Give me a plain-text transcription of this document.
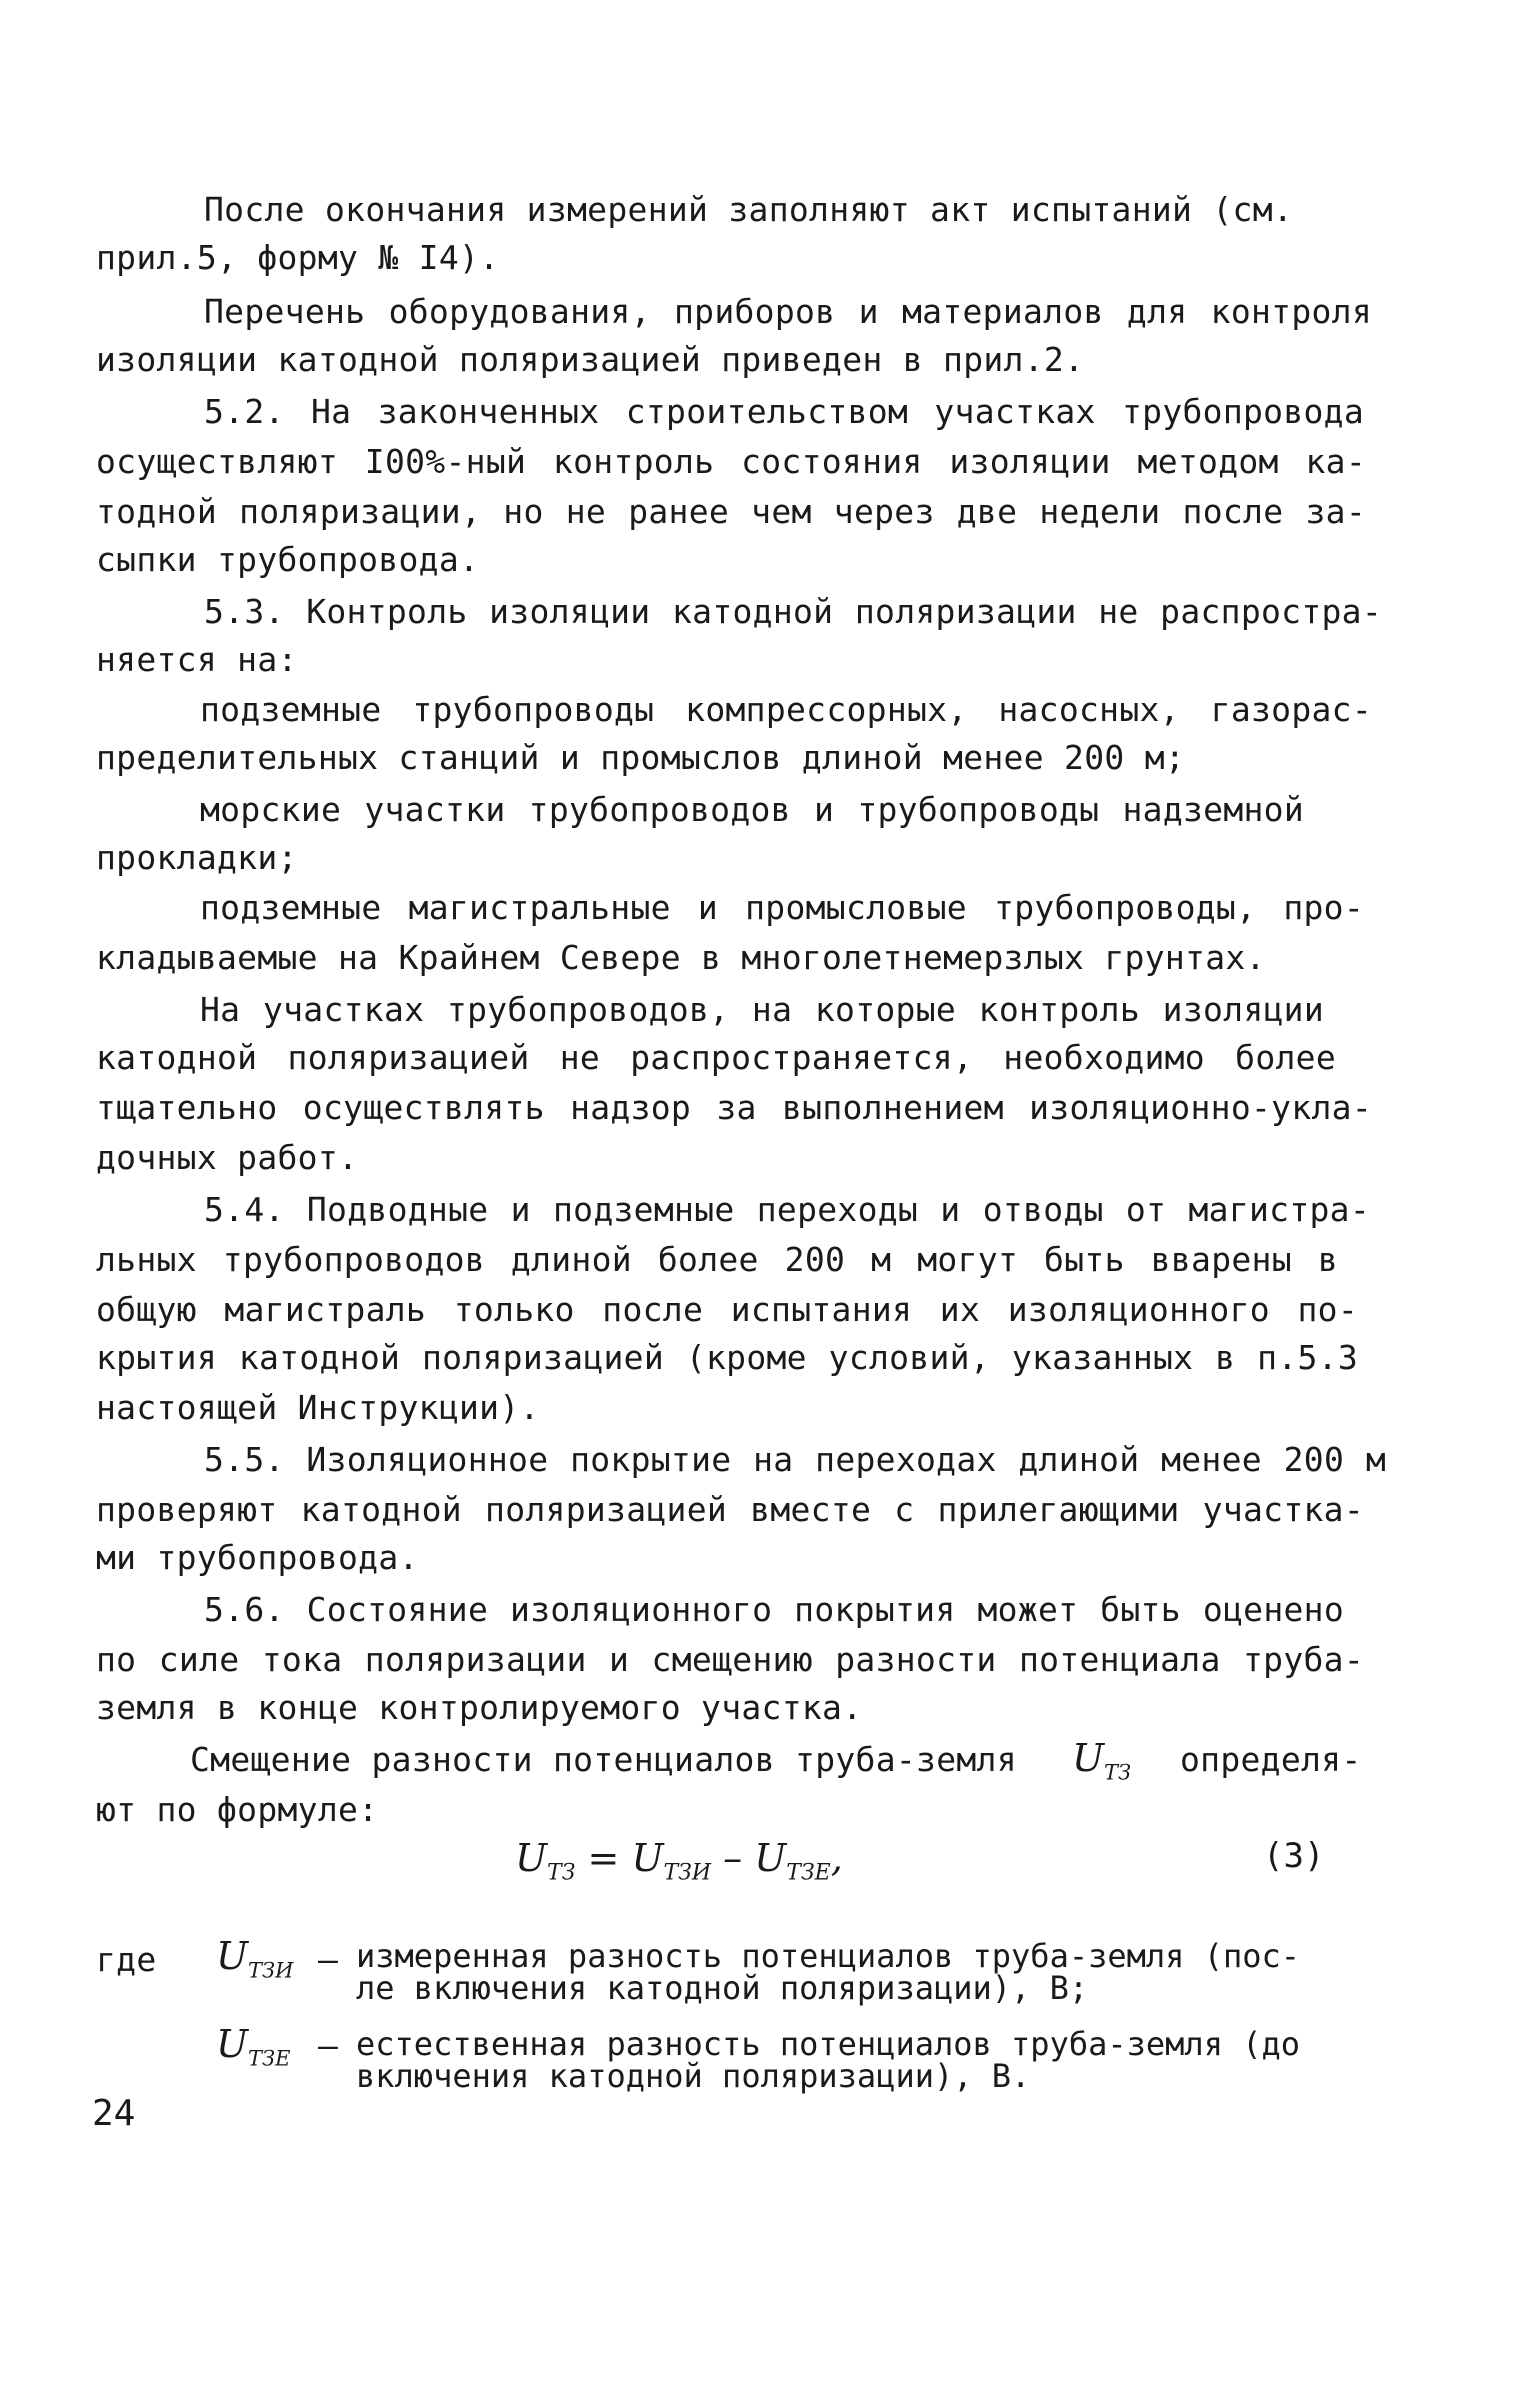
После окончания измерений заполняют акт испытаний (см.
прил.5, форму № I4).
Перечень оборудования, приборов и материалов для контроля
изоляции катодной поляризацией приведен в прил.2.
5.2. На законченных строительством участках трубопровода
осуществляют I00%-ный контроль состояния изоляции методом ка-
тодной поляризации, но не ранее чем через две недели после за-
сыпки трубопровода.
5.3. Контроль изоляции катодной поляризации не распростра-
няется на:
подземные трубопроводы компрессорных, насосных, газорас-
пределительных станций и промыслов длиной менее 200 м;
морские участки трубопроводов и трубопроводы надземной
прокладки;
подземные магистральные и промысловые трубопроводы, про-
кладываемые на Крайнем Севере в многолетнемерзлых грунтах.
На участках трубопроводов, на которые контроль изоляции
катодной поляризацией не распространяется, необходимо более
тщательно осуществлять надзор за выполнением изоляционно-укла-
дочных работ.
5.4. Подводные и подземные переходы и отводы от магистра-
льных трубопроводов длиной более 200 м могут быть вварены в
общую магистраль только после испытания их изоляционного по-
крытия катодной поляризацией (кроме условий, указанных в п.5.3
настоящей Инструкции).
5.5. Изоляционное покрытие на переходах длиной менее 200 м
проверяют катодной поляризацией вместе с прилегающими участка-
ми трубопровода.
5.6. Состояние изоляционного покрытия может быть оценено
по силе тока поляризации и смещению разности потенциала труба-
земля в конце контролируемого участка.
Смещение разности потенциалов труба-земля	$U_{ТЗ}$ определя-
ют по формуле:
$U_{ТЗ} = U_{ТЗИ} - U_{ТЗЕ}$,	(3)
где	$U_{ТЗИ}$ – измеренная разность потенциалов труба-земля (пос-
ле включения катодной поляризации), В;
$U_{ТЗЕ}$ – естественная разность потенциалов труба-земля (до
включения катодной поляризации), В.
24
